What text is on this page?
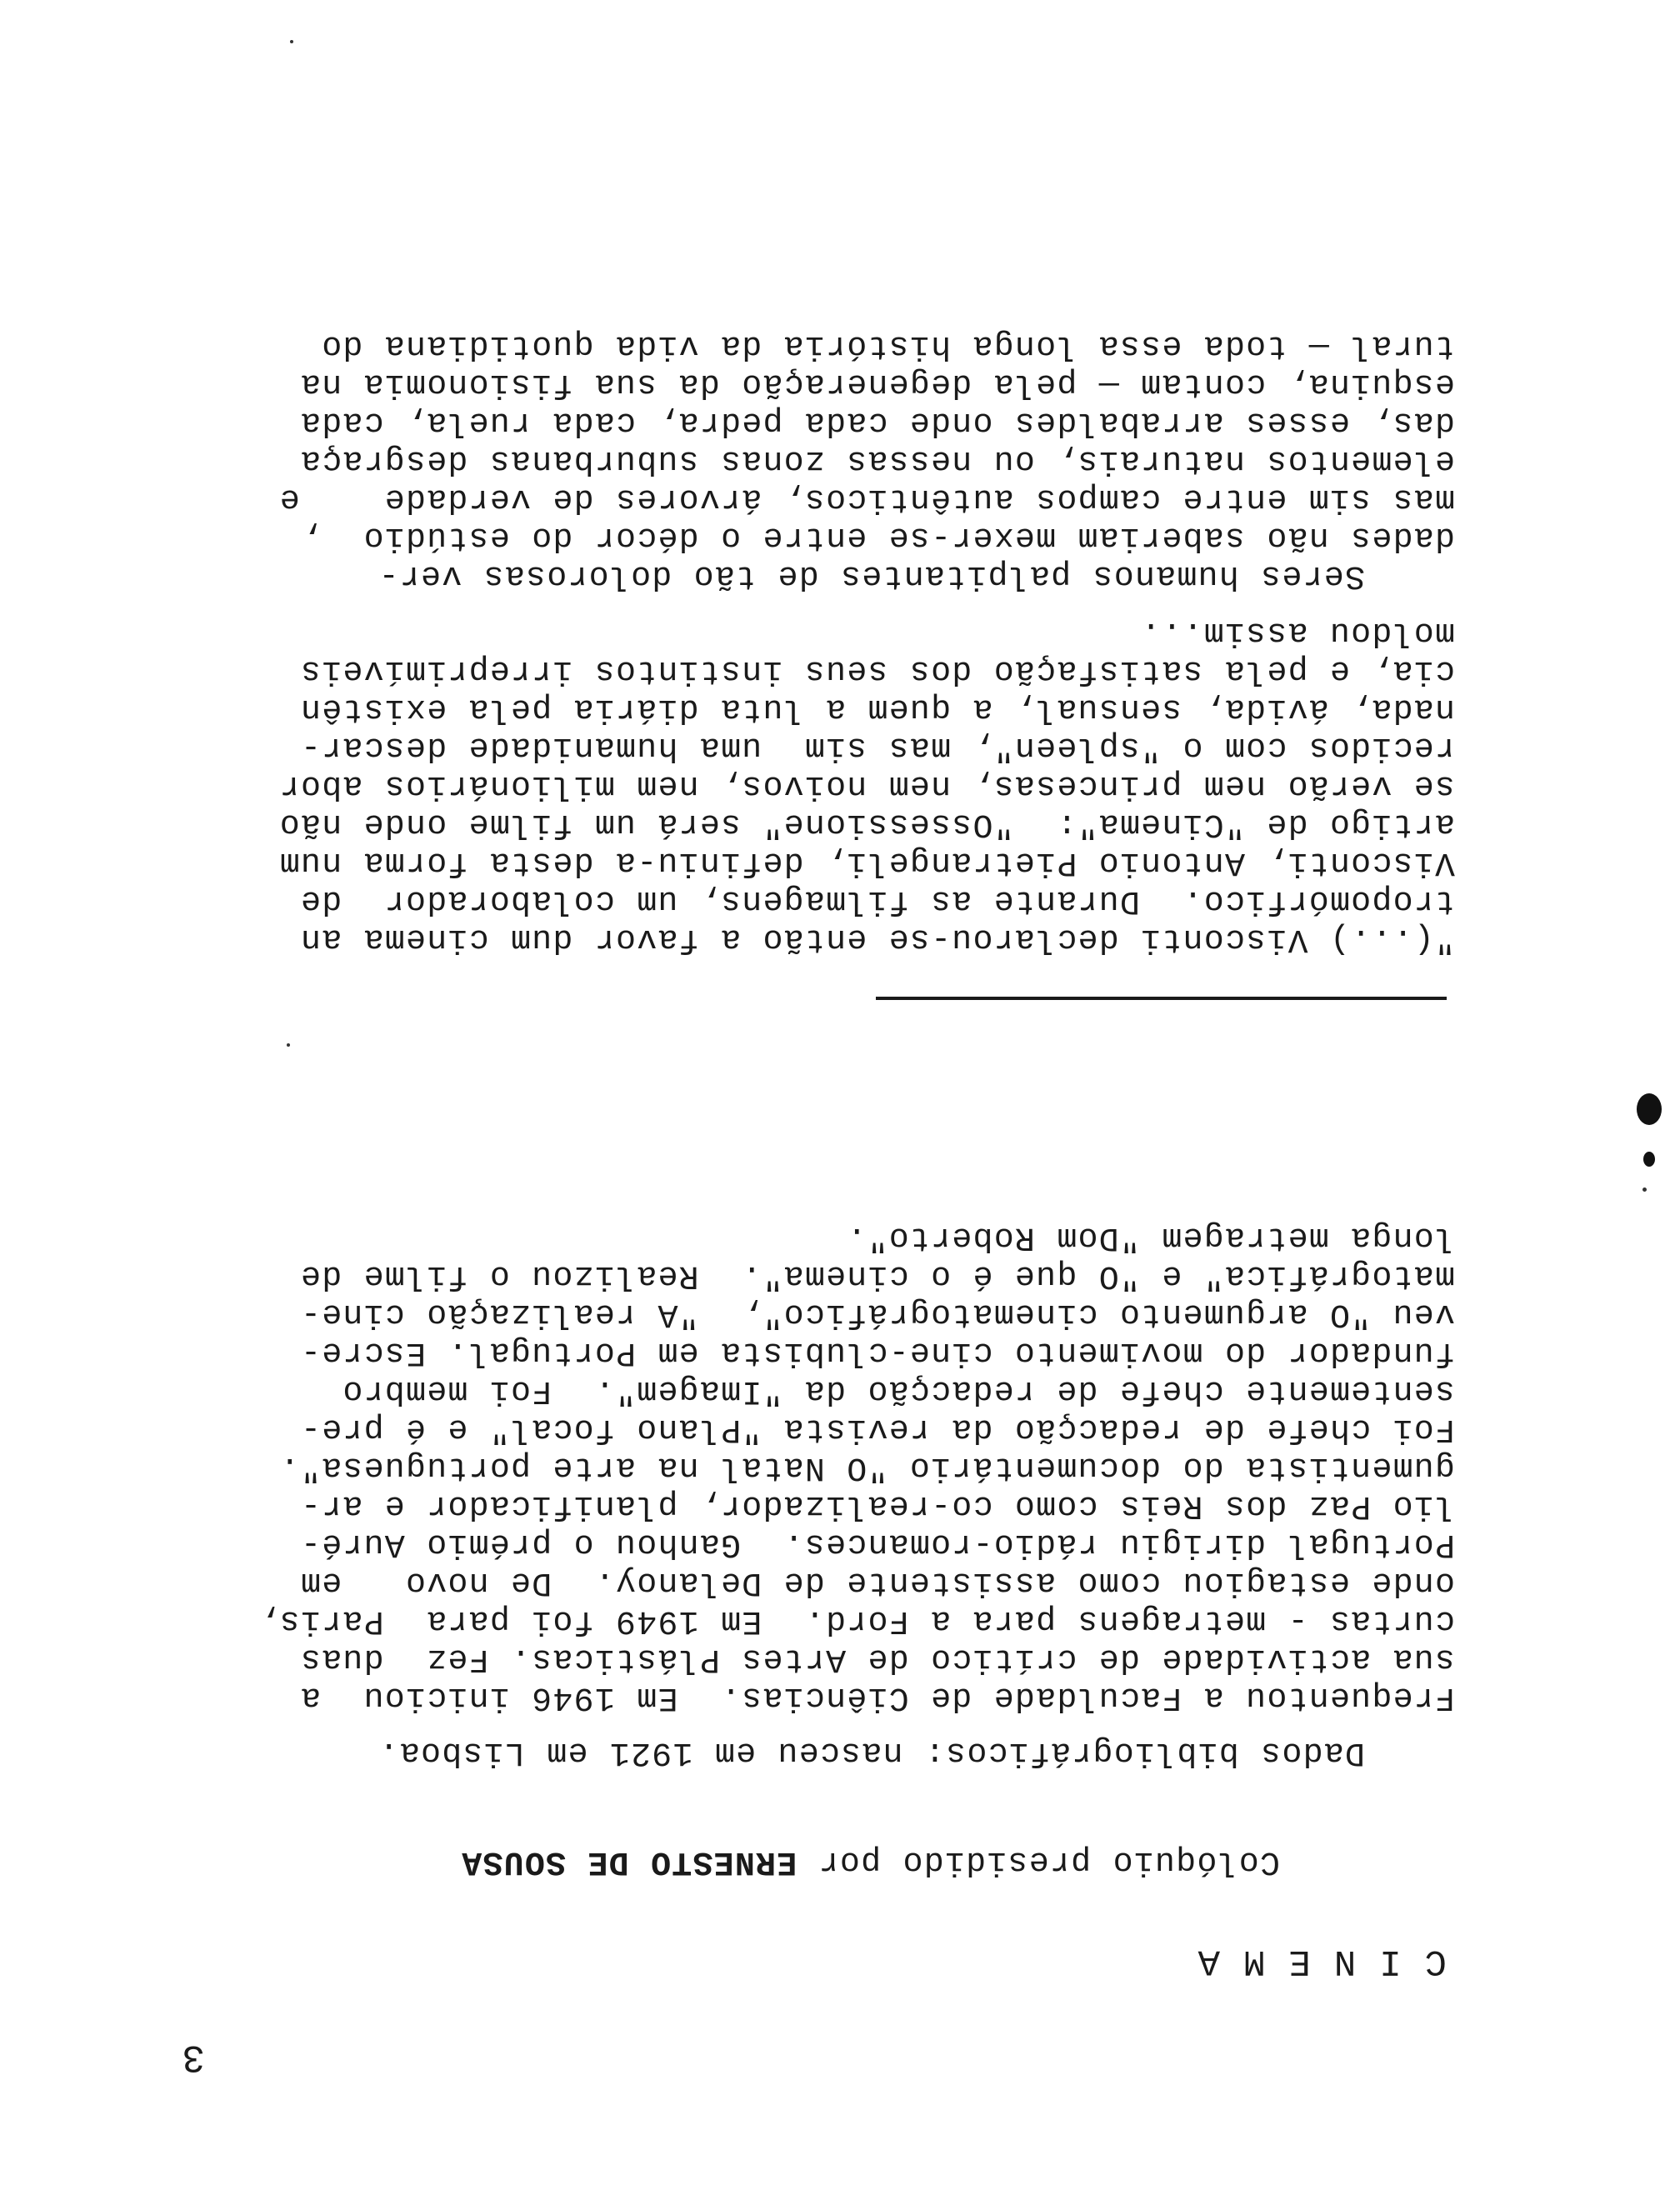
3
CINEMA
Colóquio presidido por ERNESTO DE SOUSA
Dados bibliográficos: nasceu em 1921 em Lisboa.
Frequentou a Faculdade de Ciências.  Em 1946 iniciou  a
sua actividade de crítico de Artes Plásticas. Fez  duas
curtas - metragens para a Ford.  Em 1949 foi para  Paris,
onde estagiou como assistente de Delanoy.  De novo   em
Portugal dirigiu rádio-romances.  Ganhou o prémio Auré-
lio Paz dos Reis como co-realizador, planificador e ar-
gumentista do documentário "O Natal na arte portuguesa".
Foi chefe de redacção da revista "Plano focal" e é pre-
sentemente chefe de redacção da "Imagem".  Foi membro
fundador do movimento cine-clubista em Portugal. Escre-
veu "O argumento cinematográfico",  "A realização cine-
matográfica" e "O que é o cinema".  Realizou o filme de
longa metragem "Dom Roberto".
"(...) Visconti declarou-se então a favor dum cinema an
tropomórfico.  Durante as filmagens, um colaborador  de
Visconti, Antonio Pietrangeli, definiu-a desta forma num
artigo de "Cinema":  "Ossessione" será um filme onde não
se verão nem princesas, nem noivos, nem milionários abor
recidos com o "spleen", mas sim  uma humanidade descar-
nada, ávida, sensual, a quem a luta diária pela existên
cia, e pela satisfação dos seus instintos irreprimíveis
moldou assim...
Seres humanos palpitantes de tão dolorosas ver-
dades não saberiam mexer-se entre o décor do estúdio  ,
mas sim entre campos autênticos, árvores de verdade    e
elementos naturais, ou nessas zonas suburbanas desgraça
das, esses arrabaldes onde cada pedra, cada ruela, cada
esquina, contam — pela degeneração da sua fisionomia na
tural — toda essa longa história da vida quotidiana do
